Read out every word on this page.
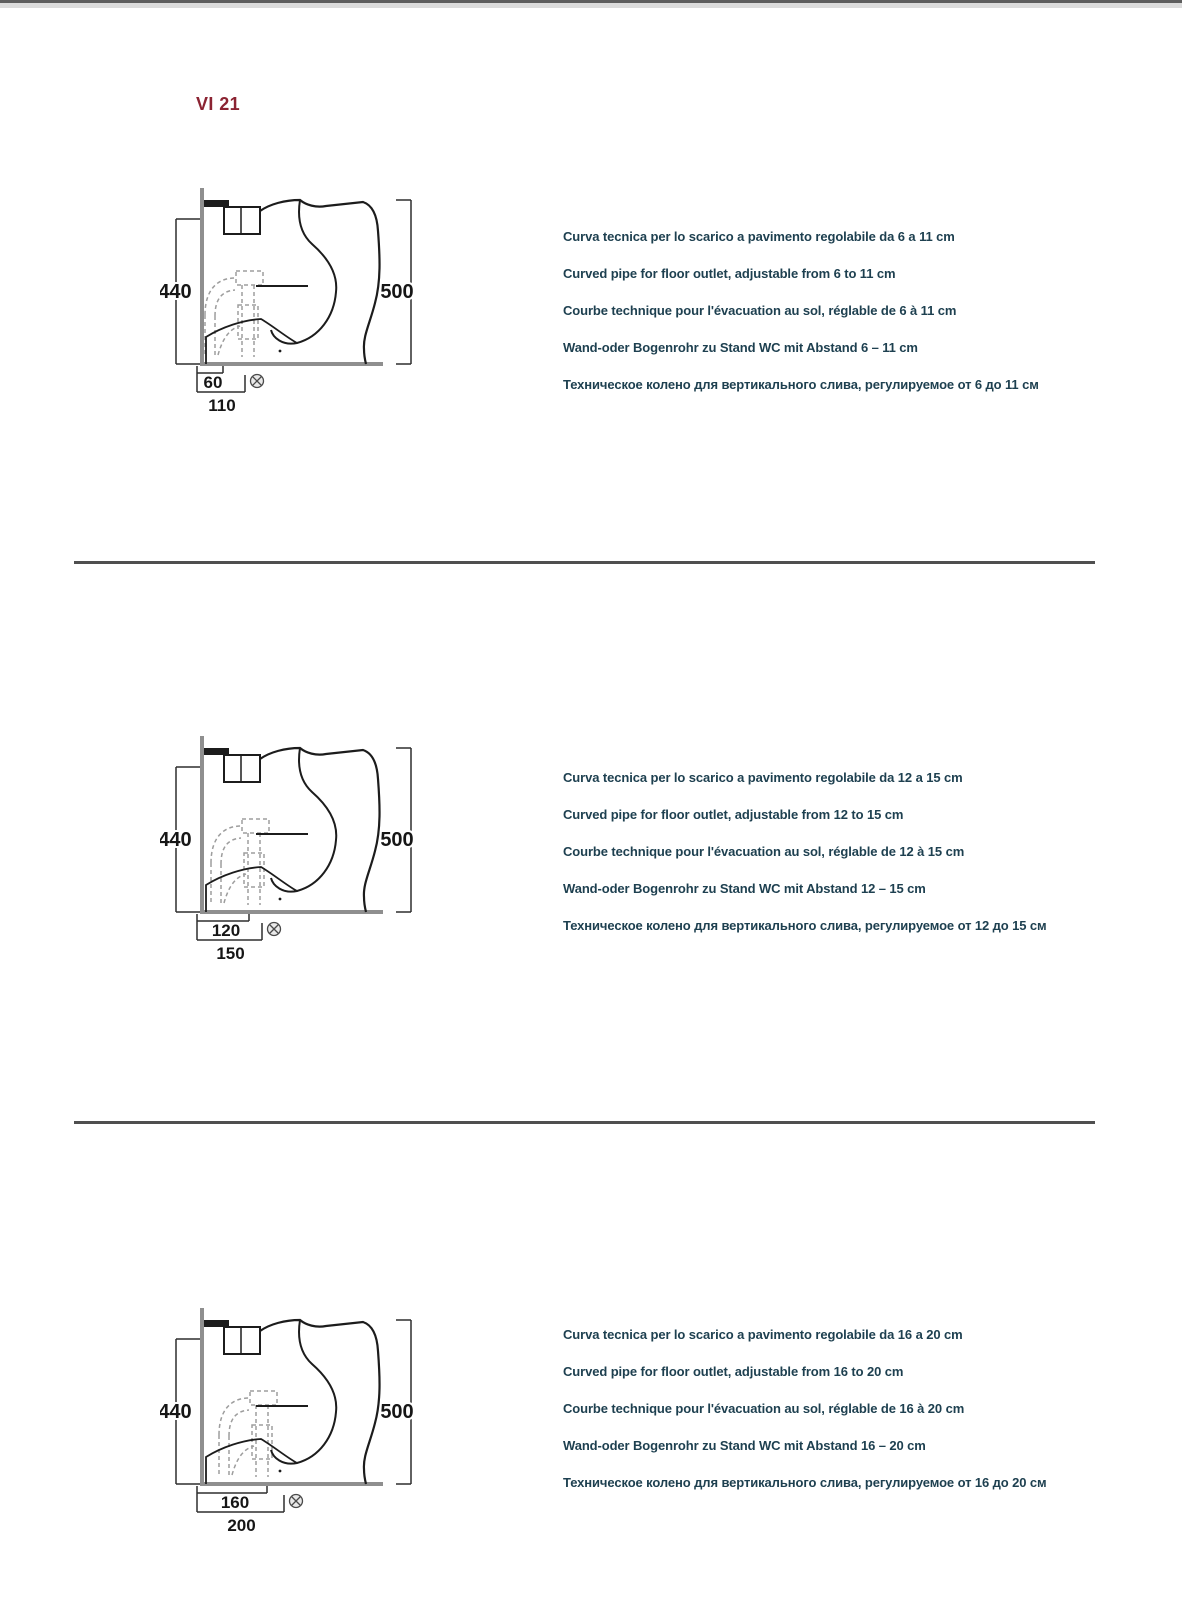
VI 21
440	500
60
110

Curva tecnica per lo scarico a pavimento regolabile da 6 a 11 cm

Curved pipe for floor outlet, adjustable from 6 to 11 cm

Courbe technique pour l'évacuation au sol, réglable de 6 à 11 cm

Wand-oder Bogenrohr zu Stand WC mit Abstand 6 – 11 cm

Техническое колено для вертикального слива, регулируемое от 6 до 11 см

440	500
120
150

Curva tecnica per lo scarico a pavimento regolabile da 12 a 15 cm

Curved pipe for floor outlet, adjustable from 12 to 15 cm

Courbe technique pour l'évacuation au sol, réglable de 12 à 15 cm

Wand-oder Bogenrohr zu Stand WC mit Abstand 12 – 15 cm

Техническое колено для вертикального слива, регулируемое от 12 до 15 см

440	500
160
200

Curva tecnica per lo scarico a pavimento regolabile da 16 a 20 cm

Curved pipe for floor outlet, adjustable from 16 to 20 cm

Courbe technique pour l'évacuation au sol, réglable de 16 à 20 cm

Wand-oder Bogenrohr zu Stand WC mit Abstand 16 – 20 cm

Техническое колено для вертикального слива, регулируемое от 16 до 20 см
